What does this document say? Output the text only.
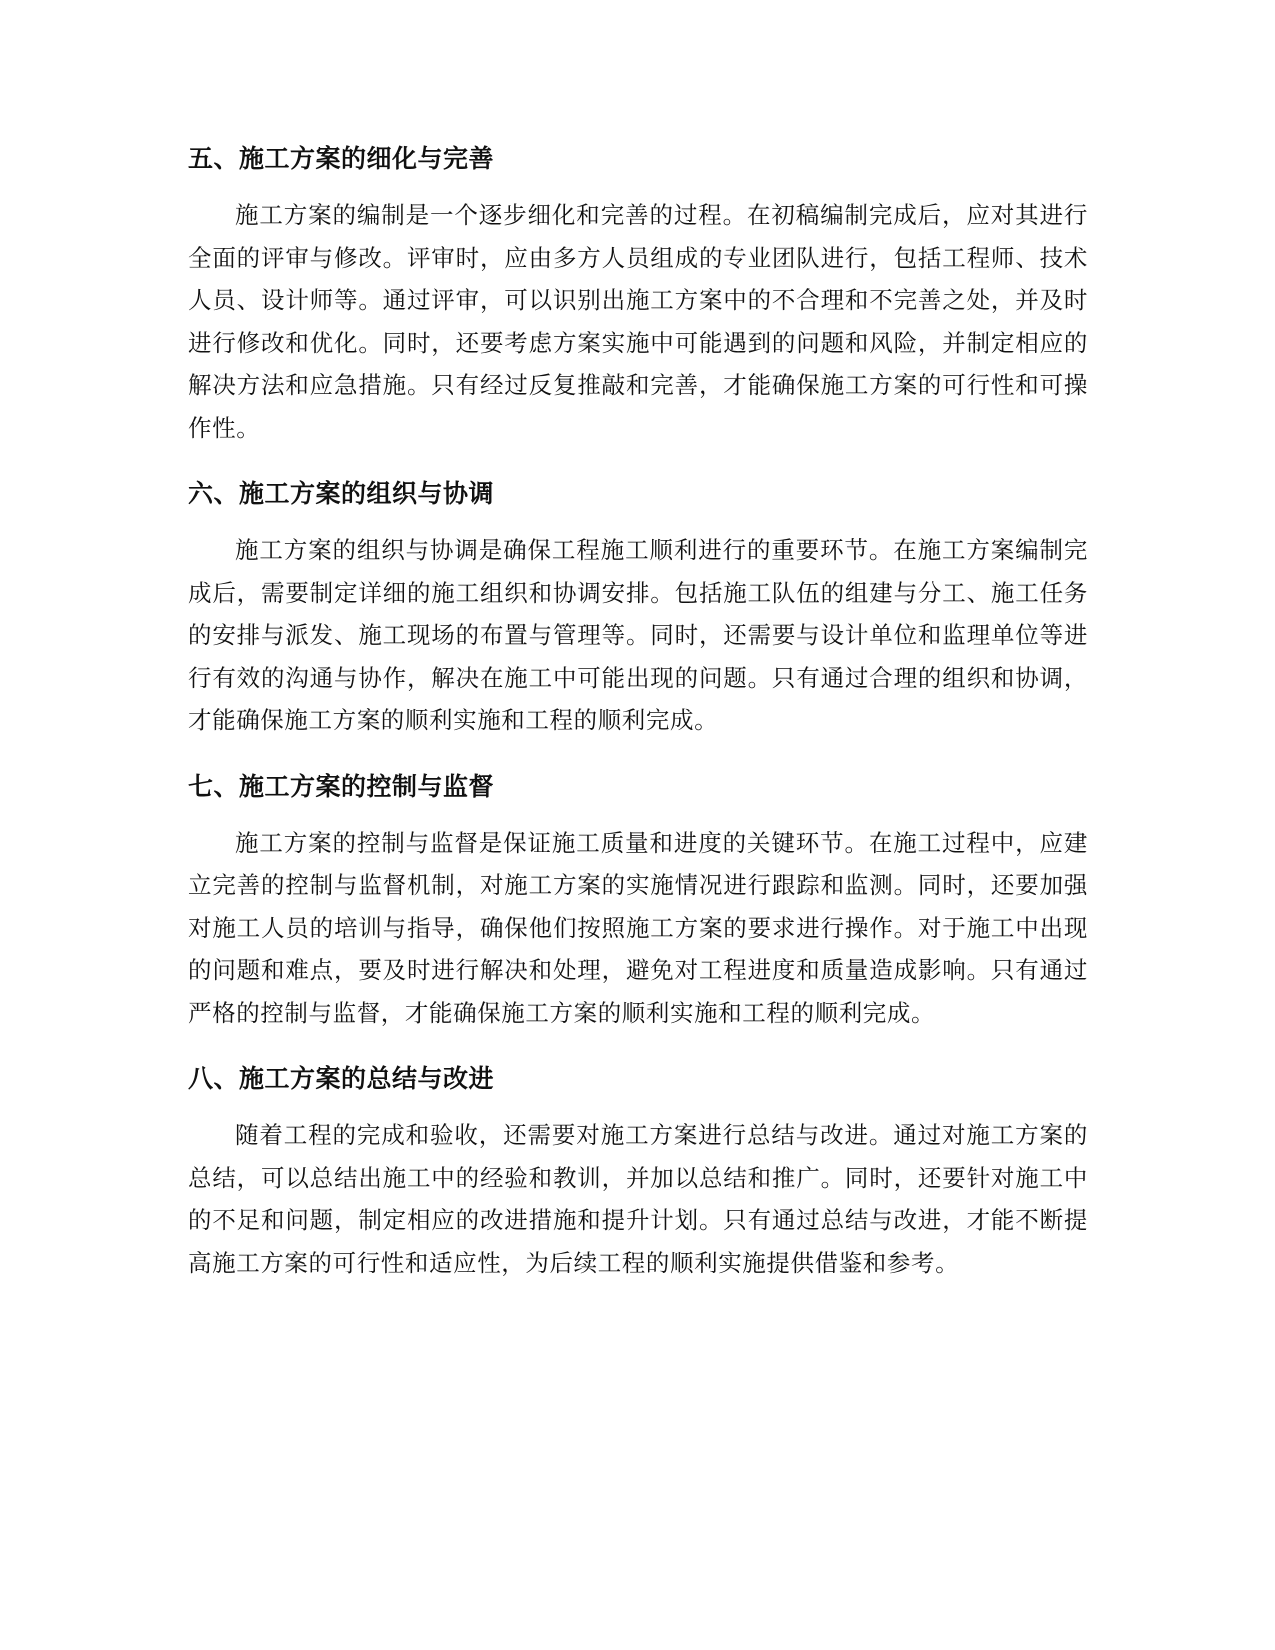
五、施工方案的细化与完善

施工方案的编制是一个逐步细化和完善的过程。在初稿编制完成后，应对其进行全面的评审与修改。评审时，应由多方人员组成的专业团队进行，包括工程师、技术人员、设计师等。通过评审，可以识别出施工方案中的不合理和不完善之处，并及时进行修改和优化。同时，还要考虑方案实施中可能遇到的问题和风险，并制定相应的解决方法和应急措施。只有经过反复推敲和完善，才能确保施工方案的可行性和可操作性。

六、施工方案的组织与协调

施工方案的组织与协调是确保工程施工顺利进行的重要环节。在施工方案编制完成后，需要制定详细的施工组织和协调安排。包括施工队伍的组建与分工、施工任务的安排与派发、施工现场的布置与管理等。同时，还需要与设计单位和监理单位等进行有效的沟通与协作，解决在施工中可能出现的问题。只有通过合理的组织和协调，才能确保施工方案的顺利实施和工程的顺利完成。

七、施工方案的控制与监督

施工方案的控制与监督是保证施工质量和进度的关键环节。在施工过程中，应建立完善的控制与监督机制，对施工方案的实施情况进行跟踪和监测。同时，还要加强对施工人员的培训与指导，确保他们按照施工方案的要求进行操作。对于施工中出现的问题和难点，要及时进行解决和处理，避免对工程进度和质量造成影响。只有通过严格的控制与监督，才能确保施工方案的顺利实施和工程的顺利完成。

八、施工方案的总结与改进

随着工程的完成和验收，还需要对施工方案进行总结与改进。通过对施工方案的总结，可以总结出施工中的经验和教训，并加以总结和推广。同时，还要针对施工中的不足和问题，制定相应的改进措施和提升计划。只有通过总结与改进，才能不断提高施工方案的可行性和适应性，为后续工程的顺利实施提供借鉴和参考。
